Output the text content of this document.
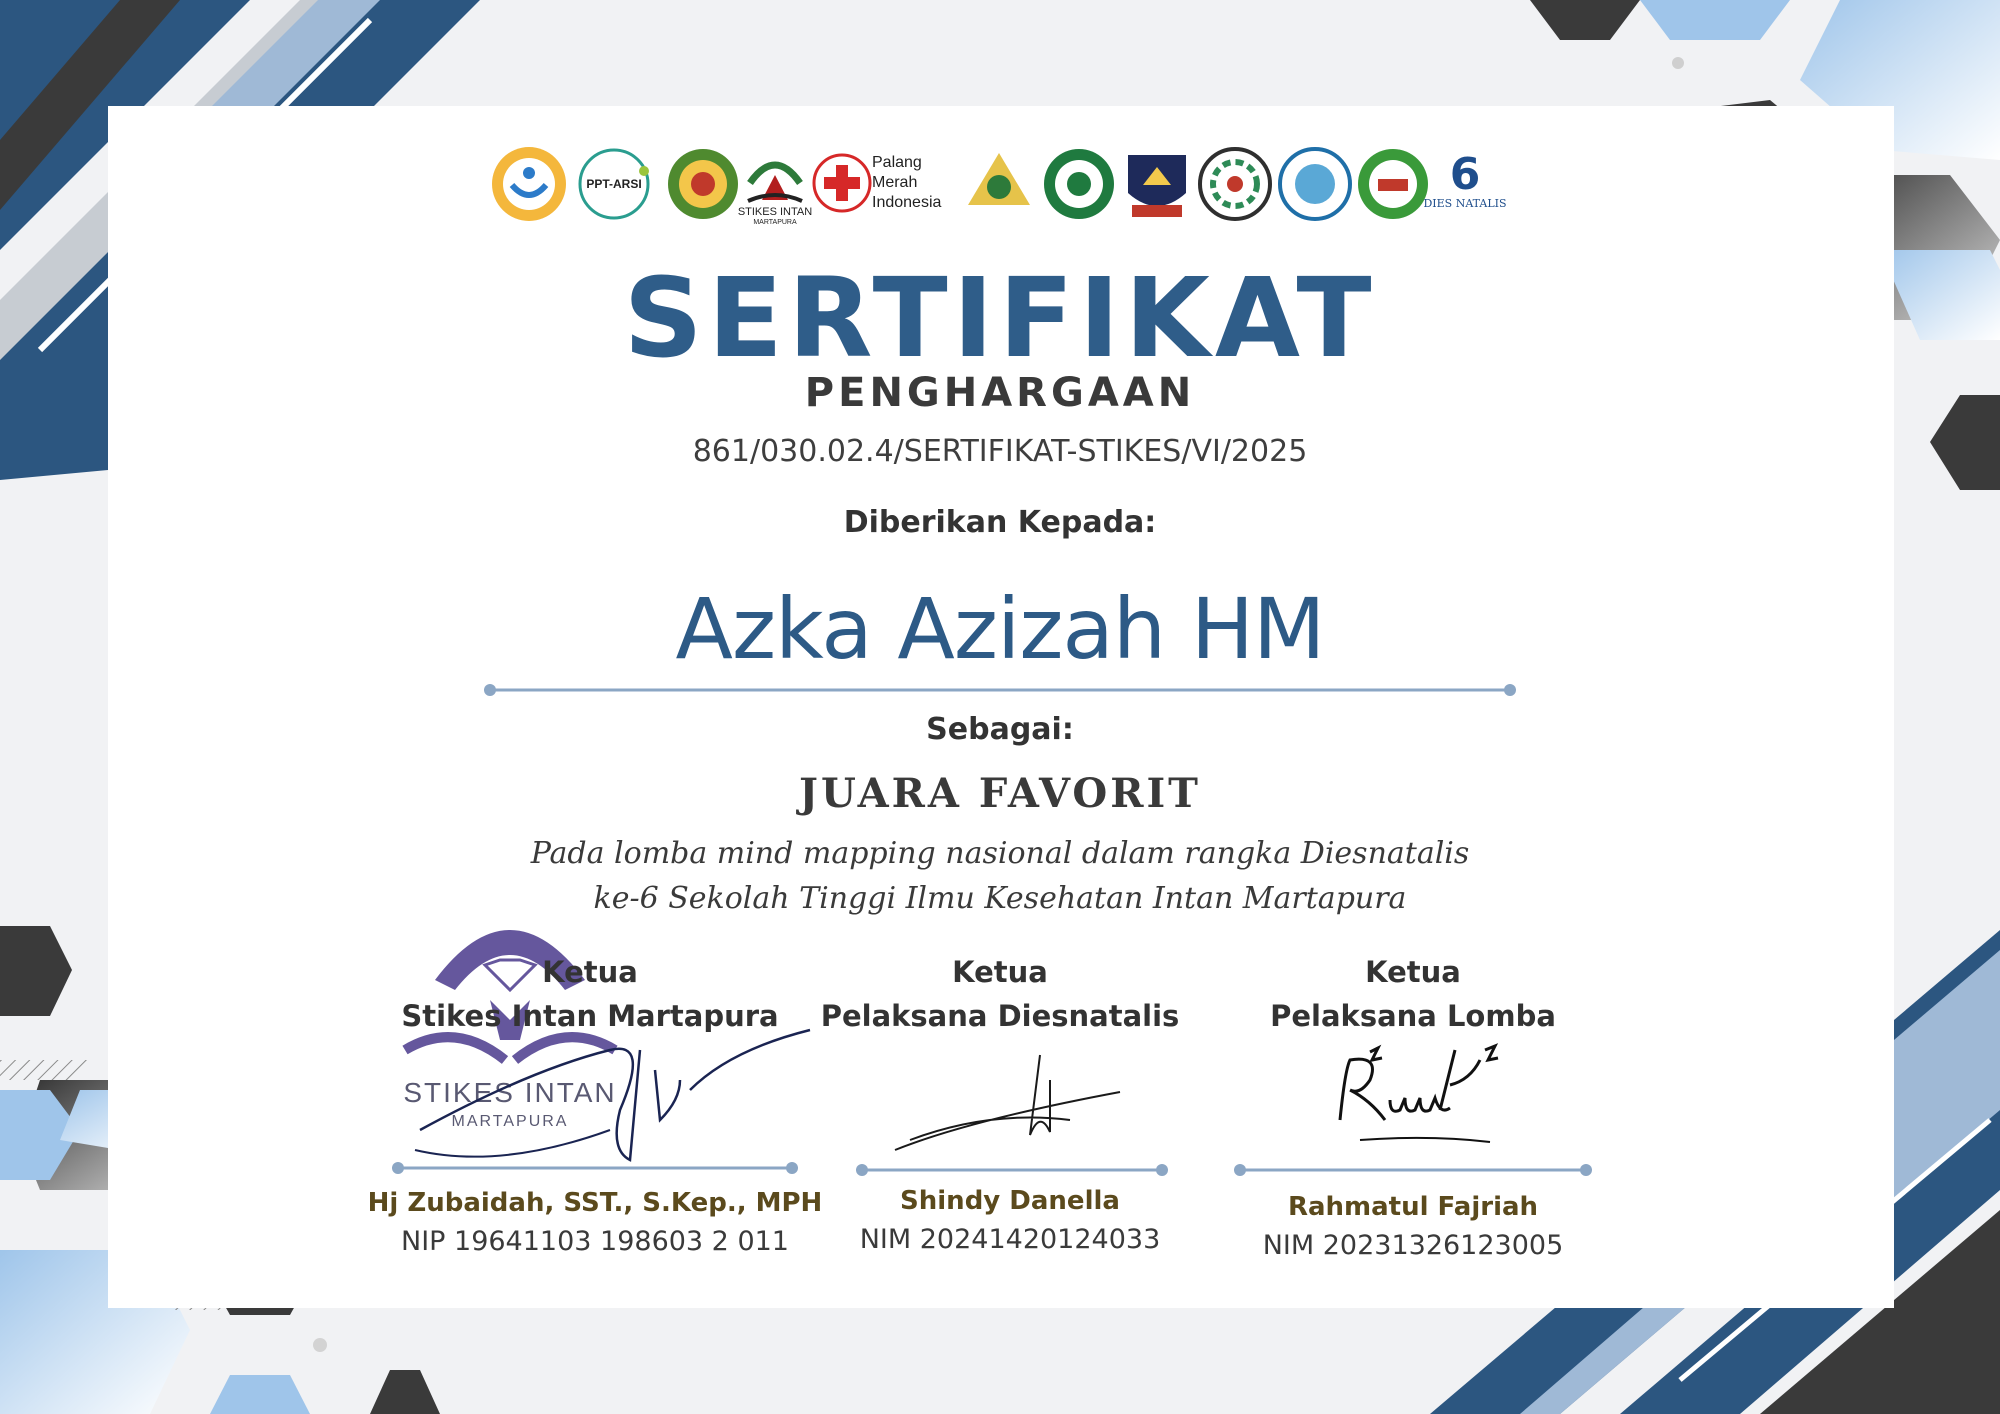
PPT-ARSI
STIKES INTAN
MARTAPURA
Palang
Merah
Indonesia
6
DIES NATALIS
SERTIFIKAT
PENGHARGAAN
861/030.02.4/SERTIFIKAT-STIKES/VI/2025
Diberikan Kepada:
Azka Azizah HM
Sebagai:
JUARA FAVORIT
Pada lomba mind mapping nasional dalam rangka Diesnatalis
ke-6 Sekolah Tinggi Ilmu Kesehatan Intan Martapura
STIKES INTAN
MARTAPURA
Ketua
Stikes Intan Martapura
Ketua
Pelaksana Diesnatalis
Ketua
Pelaksana Lomba
Hj Zubaidah, SST., S.Kep., MPH
NIP 19641103 198603 2 011
Shindy Danella
NIM 20241420124033
Rahmatul Fajriah
NIM 20231326123005
